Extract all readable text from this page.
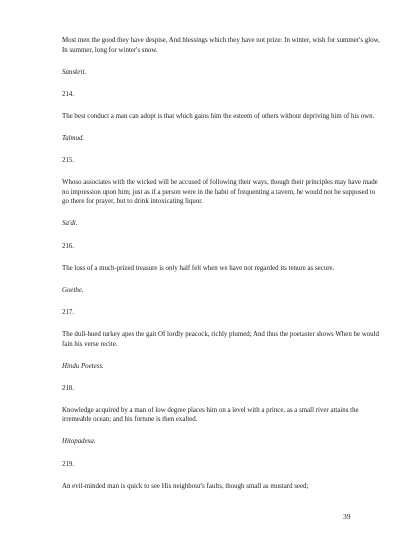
Most men the good they have despise, And blessings which they have not prize: In winter, wish for summer's glow, In summer, long for winter's snow.

Sanskrit.

214.

The best conduct a man can adopt is that which gains him the esteem of others without depriving him of his own.

Talmud.

215.

Whoso associates with the wicked will be accused of following their ways, though their principles may have made no impression upon him; just as if a person were in the habit of frequenting a tavern, he would not be supposed to go there for prayer, but to drink intoxicating liquor.

Sa'di.

216.

The loss of a much-prized treasure is only half felt when we have not regarded its tenure as secure.

Goethe.

217.

The dull-hued turkey apes the gait Of lordly peacock, richly plumed; And thus the poetaster shows When he would fain his verse recite.

Hindu Poetess.

218.

Knowledge acquired by a man of low degree places him on a level with a prince, as a small river attains the irremeable ocean; and his fortune is then exalted.

Hitopadesa.

219.

An evil-minded man is quick to see His neighbour's faults, though small as mustard seed;

39
